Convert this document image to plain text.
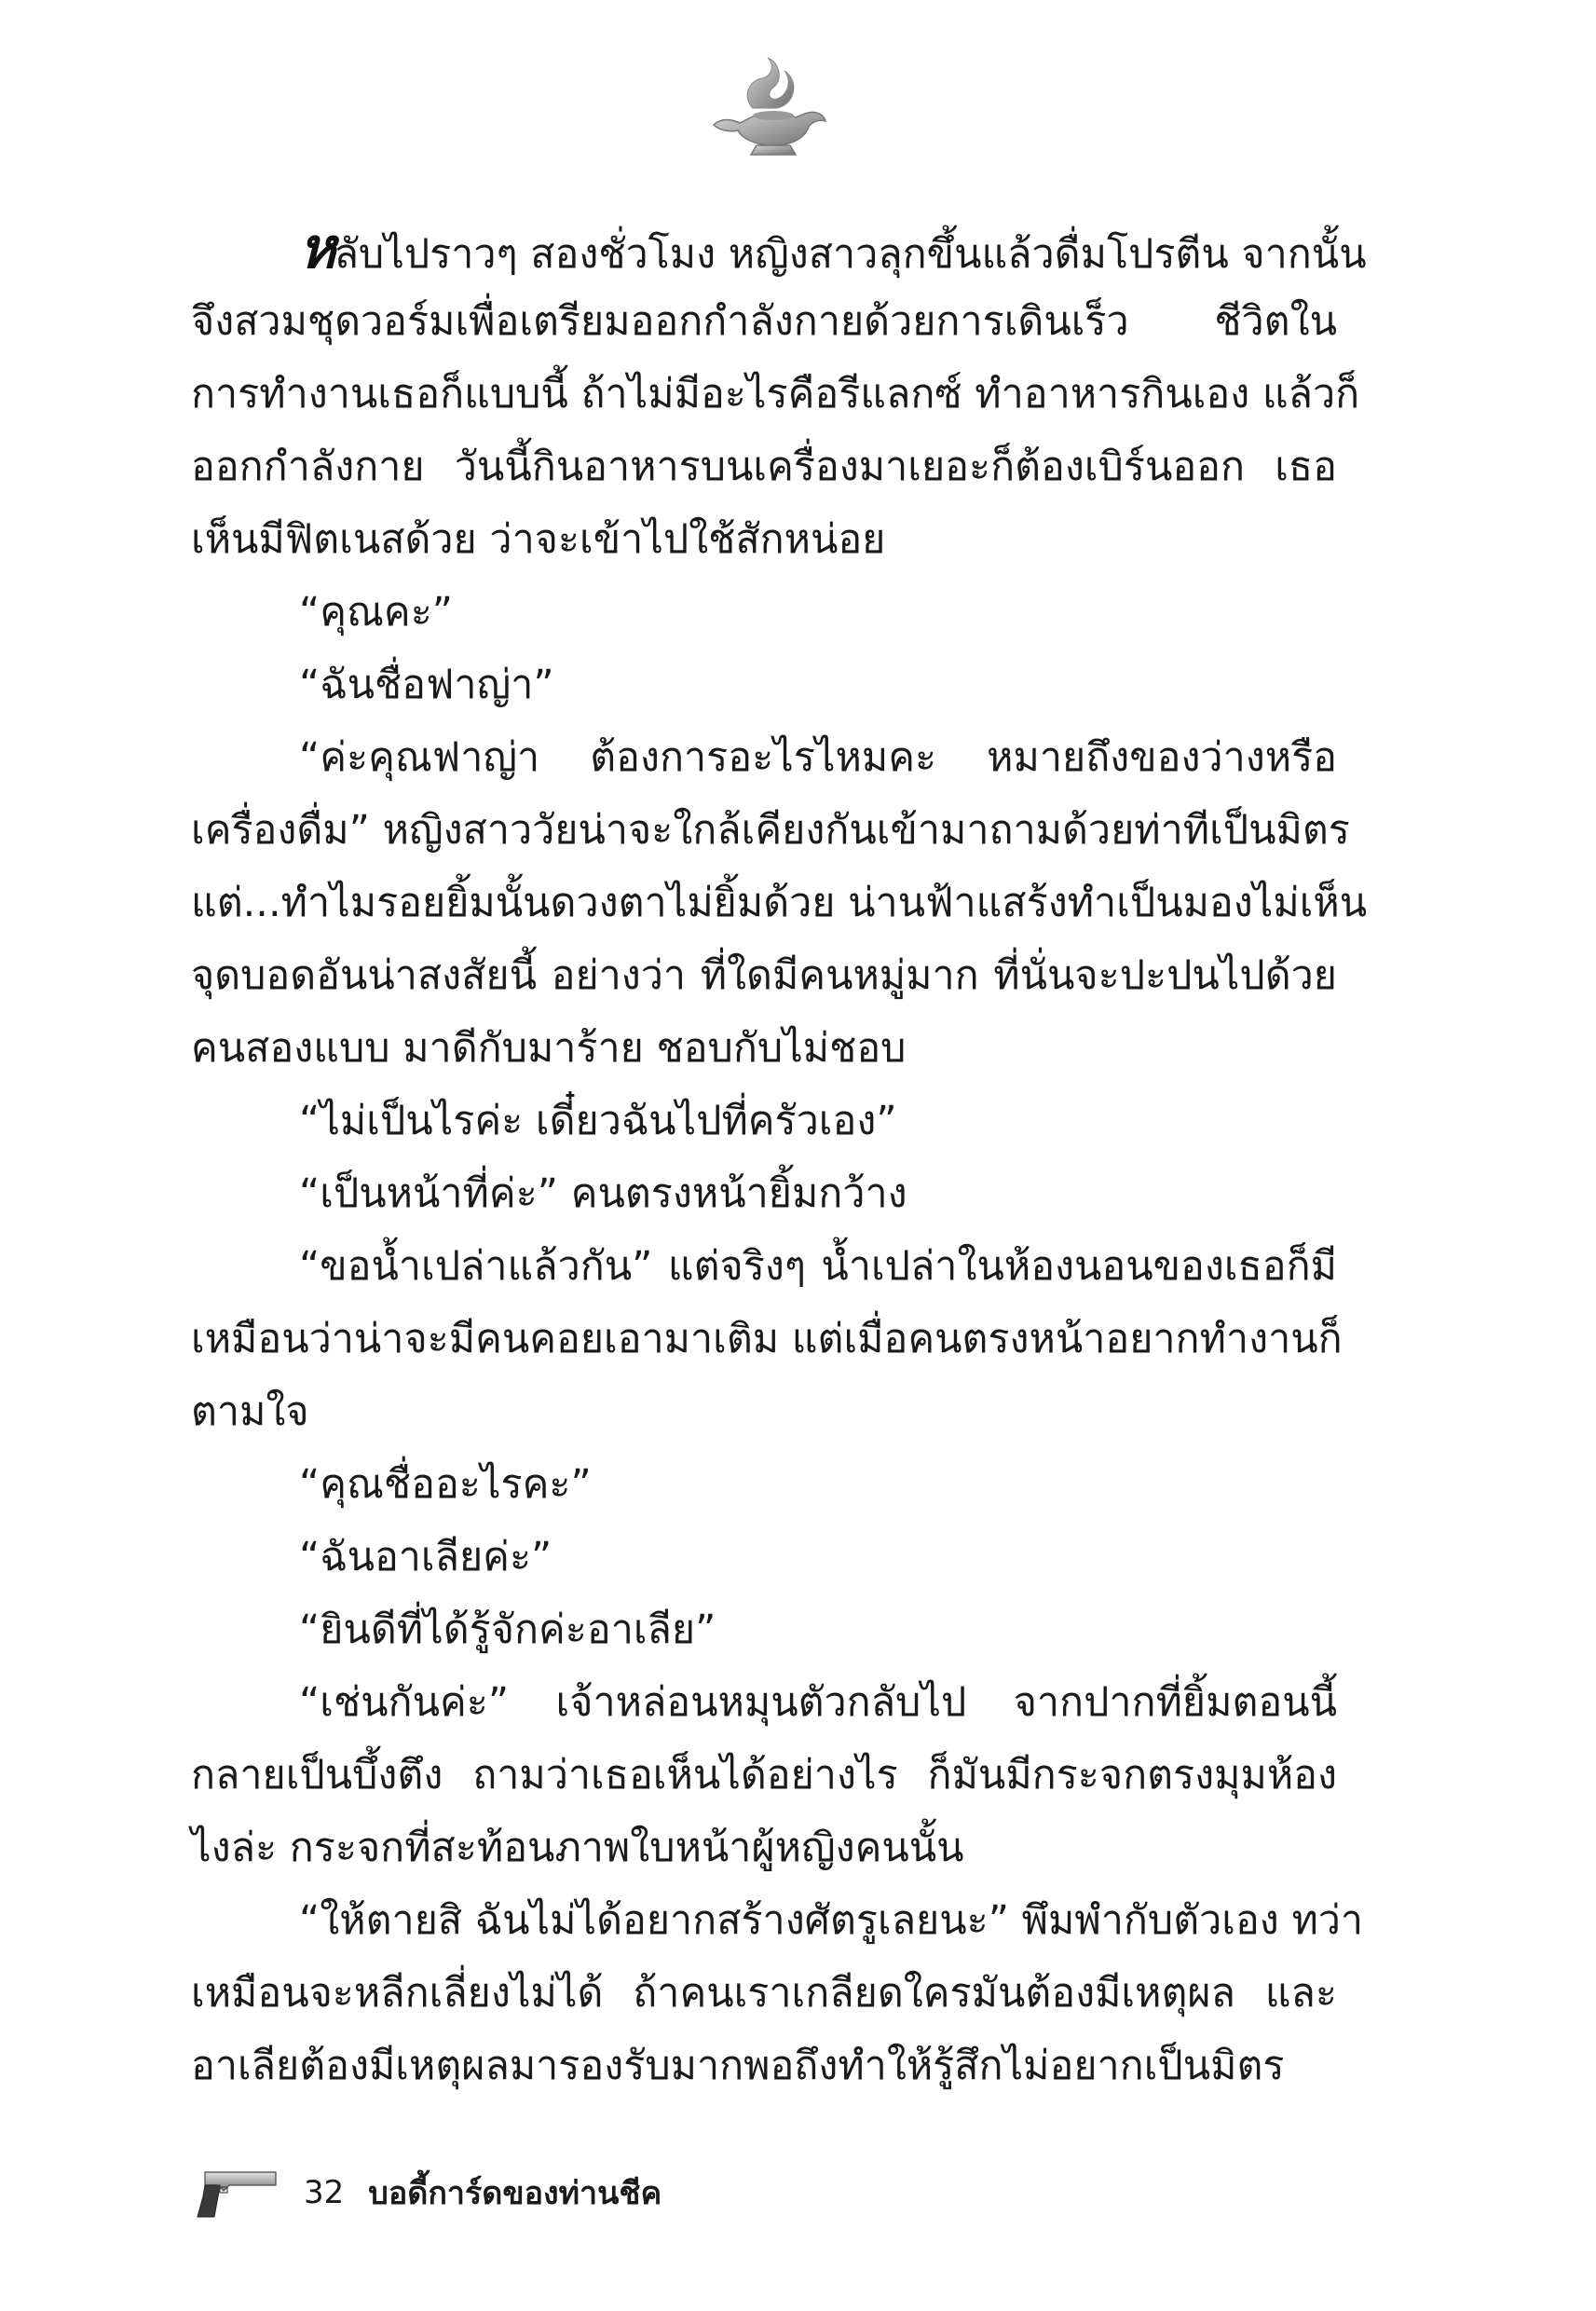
หลับไปราวๆ สองชั่วโมง หญิงสาวลุกขึ้นแล้วดื่มโปรตีน จากนั้น
จึงสวมชุดวอร์มเพื่อเตรียมออกกำลังกายด้วยการเดินเร็ว ชีวิตใน
การทำงานเธอก็แบบนี้ ถ้าไม่มีอะไรคือรีแลกซ์ ทำอาหารกินเอง แล้วก็
ออกกำลังกาย วันนี้กินอาหารบนเครื่องมาเยอะก็ต้องเบิร์นออก เธอ
เห็นมีฟิตเนสด้วย ว่าจะเข้าไปใช้สักหน่อย
“คุณคะ”
“ฉันชื่อฟาญ่า”
“ค่ะคุณฟาญ่า ต้องการอะไรไหมคะ หมายถึงของว่างหรือ
เครื่องดื่ม” หญิงสาววัยน่าจะใกล้เคียงกันเข้ามาถามด้วยท่าทีเป็นมิตร
แต่...ทำไมรอยยิ้มนั้นดวงตาไม่ยิ้มด้วย น่านฟ้าแสร้งทำเป็นมองไม่เห็น
จุดบอดอันน่าสงสัยนี้ อย่างว่า ที่ใดมีคนหมู่มาก ที่นั่นจะปะปนไปด้วย
คนสองแบบ มาดีกับมาร้าย ชอบกับไม่ชอบ
“ไม่เป็นไรค่ะ เดี๋ยวฉันไปที่ครัวเอง”
“เป็นหน้าที่ค่ะ” คนตรงหน้ายิ้มกว้าง
“ขอน้ำเปล่าแล้วกัน” แต่จริงๆ น้ำเปล่าในห้องนอนของเธอก็มี
เหมือนว่าน่าจะมีคนคอยเอามาเติม แต่เมื่อคนตรงหน้าอยากทำงานก็
ตามใจ
“คุณชื่ออะไรคะ”
“ฉันอาเลียค่ะ”
“ยินดีที่ได้รู้จักค่ะอาเลีย”
“เช่นกันค่ะ” เจ้าหล่อนหมุนตัวกลับไป จากปากที่ยิ้มตอนนี้
กลายเป็นบึ้งตึง ถามว่าเธอเห็นได้อย่างไร ก็มันมีกระจกตรงมุมห้อง
ไงล่ะ กระจกที่สะท้อนภาพใบหน้าผู้หญิงคนนั้น
“ให้ตายสิ ฉันไม่ได้อยากสร้างศัตรูเลยนะ” พึมพำกับตัวเอง ทว่า
เหมือนจะหลีกเลี่ยงไม่ได้ ถ้าคนเราเกลียดใครมันต้องมีเหตุผล และ
อาเลียต้องมีเหตุผลมารองรับมากพอถึงทำให้รู้สึกไม่อยากเป็นมิตร
32 บอดี้การ์ดของท่านชีค
